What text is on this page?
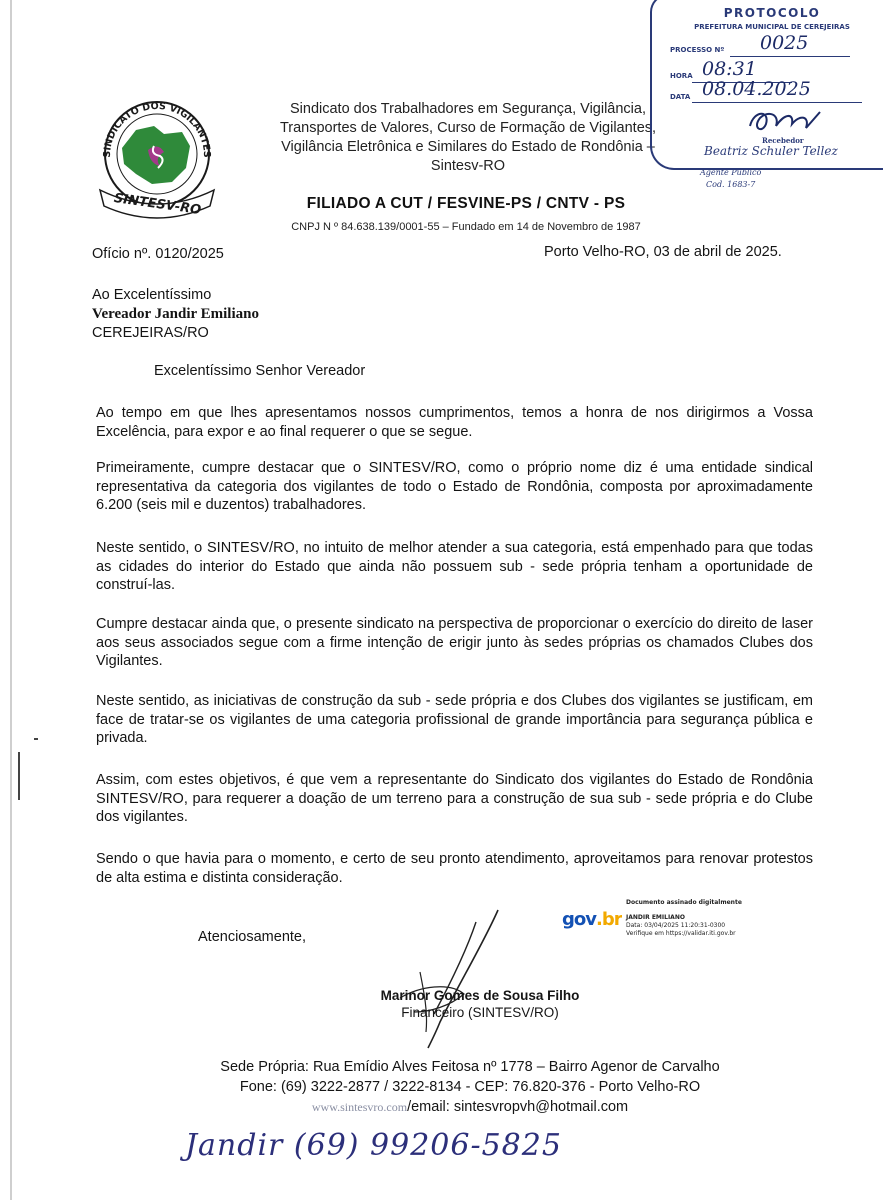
SINDICATO DOS VIGILANTES
SINTESV-RO
Sindicato dos Trabalhadores em Segurança, Vigilância,
Transportes de Valores, Curso de Formação de Vigilantes,
Vigilância Eletrônica e Similares do Estado de Rondônia –
Sintesv-RO
FILIADO A CUT / FESVINE-PS / CNTV - PS
CNPJ N º 84.638.139/0001-55 – Fundado em 14 de Novembro de 1987
PROTOCOLO
PREFEITURA MUNICIPAL DE CEREJEIRAS
PROCESSO Nº 0025
HORA 08:31
DATA 08.04.2025
Recebedor
Beatriz Schuler Tellez
Agente Público
Cod. 1683-7
Ofício nº. 0120/2025	Porto Velho-RO, 03 de abril de 2025.
Ao Excelentíssimo
Vereador Jandir Emiliano
CEREJEIRAS/RO
Excelentíssimo Senhor Vereador
Ao tempo em que lhes apresentamos nossos cumprimentos, temos a honra de nos dirigirmos a Vossa Excelência, para expor e ao final requerer o que se segue.
Primeiramente, cumpre destacar que o SINTESV/RO, como o próprio nome diz é uma entidade sindical representativa da categoria dos vigilantes de todo o Estado de Rondônia, composta por aproximadamente 6.200 (seis mil e duzentos) trabalhadores.
Neste sentido, o SINTESV/RO, no intuito de melhor atender a sua categoria, está empenhado para que todas as cidades do interior do Estado que ainda não possuem sub - sede própria tenham a oportunidade de construí-las.
Cumpre destacar ainda que, o presente sindicato na perspectiva de proporcionar o exercício do direito de laser aos seus associados segue com a firme intenção de erigir junto às sedes próprias os chamados Clubes dos Vigilantes.
Neste sentido, as iniciativas de construção da sub - sede própria e dos Clubes dos vigilantes se justificam, em face de tratar-se os vigilantes de uma categoria profissional de grande importância para segurança pública e privada.
Assim, com estes objetivos, é que vem a representante do Sindicato dos vigilantes do Estado de Rondônia SINTESV/RO, para requerer a doação de um terreno para a construção de sua sub - sede própria e do Clube dos vigilantes.
Sendo o que havia para o momento, e certo de seu pronto atendimento, aproveitamos para renovar protestos de alta estima e distinta consideração.
Atenciosamente,
gov .br
Documento assinado digitalmente
JANDIR EMILIANO
Data: 03/04/2025 11:20:31-0300
Verifique em https://validar.iti.gov.br
Marinor Gomes de Sousa Filho
Financeiro (SINTESV/RO)
Sede Própria: Rua Emídio Alves Feitosa nº 1778 – Bairro Agenor de Carvalho
Fone: (69) 3222-2877 / 3222-8134 - CEP: 76.820-376 - Porto Velho-RO
www.sintesvro.com/email: sintesvropvh@hotmail.com
Jandir (69) 99206-5825
